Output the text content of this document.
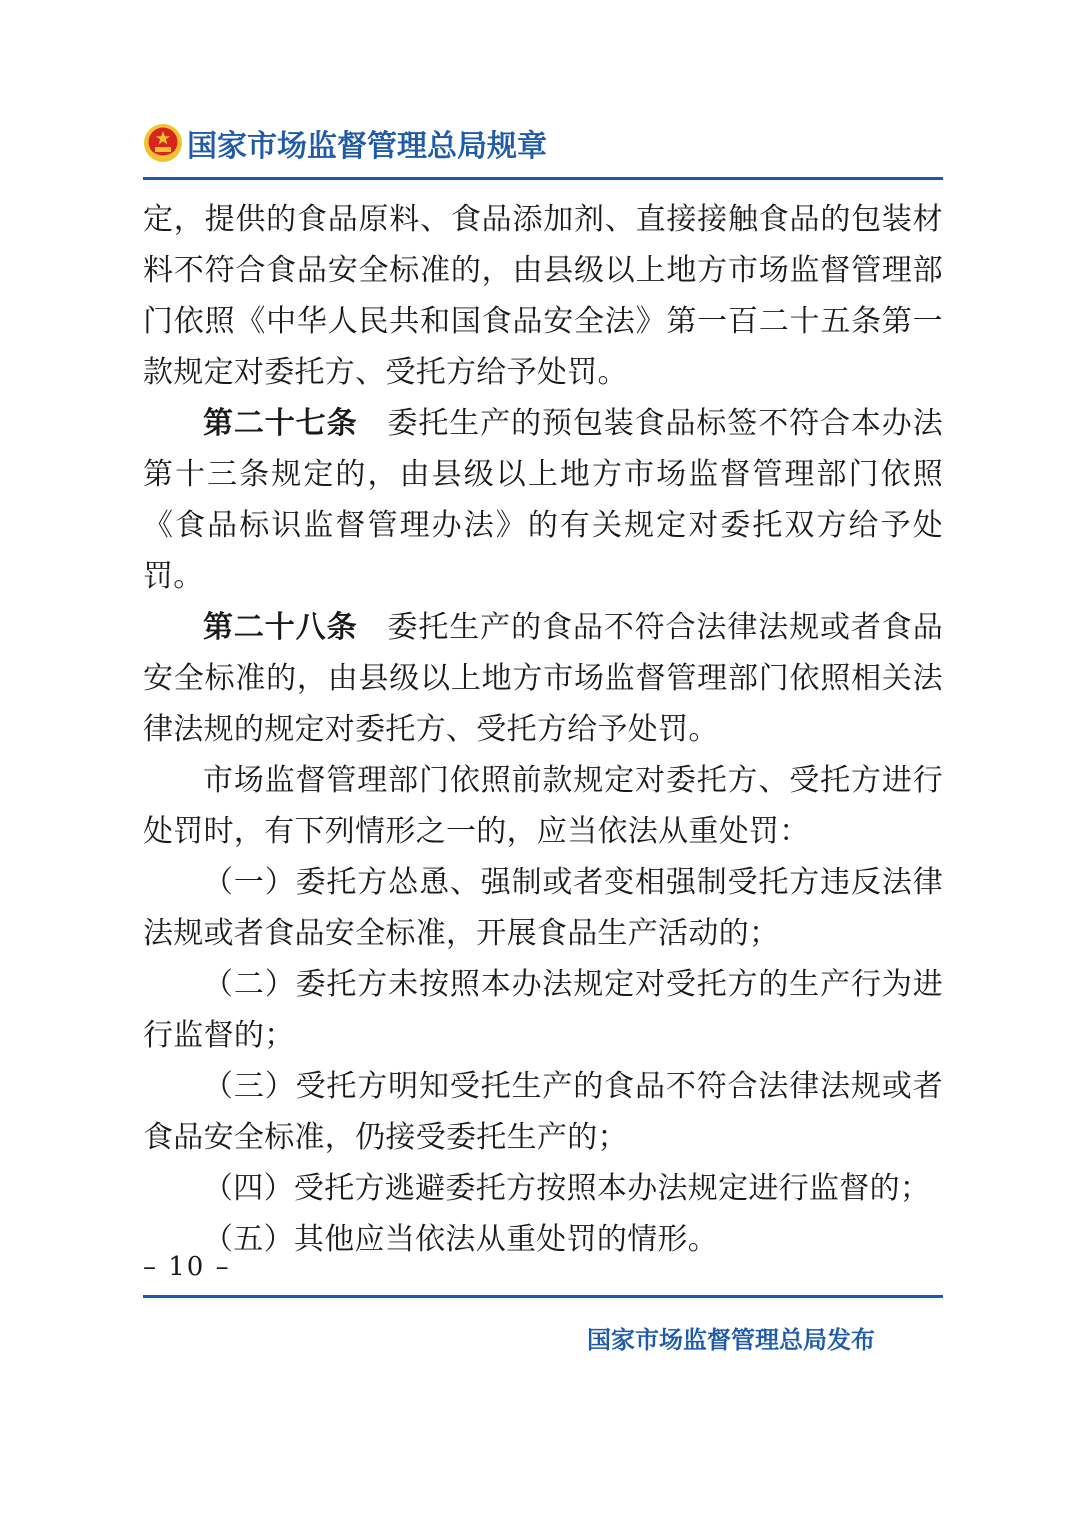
国家市场监督管理总局规章

定，提供的食品原料、食品添加剂、直接接触食品的包装材料不符合食品安全标准的，由县级以上地方市场监督管理部门依照《中华人民共和国食品安全法》第一百二十五条第一款规定对委托方、受托方给予处罚。

第二十七条 委托生产的预包装食品标签不符合本办法第十三条规定的，由县级以上地方市场监督管理部门依照《食品标识监督管理办法》的有关规定对委托双方给予处罚。

第二十八条 委托生产的食品不符合法律法规或者食品安全标准的，由县级以上地方市场监督管理部门依照相关法律法规的规定对委托方、受托方给予处罚。

市场监督管理部门依照前款规定对委托方、受托方进行处罚时，有下列情形之一的，应当依法从重处罚：

（一）委托方怂恿、强制或者变相强制受托方违反法律法规或者食品安全标准，开展食品生产活动的；

（二）委托方未按照本办法规定对受托方的生产行为进行监督的；

（三）受托方明知受托生产的食品不符合法律法规或者食品安全标准，仍接受委托生产的；

（四）受托方逃避委托方按照本办法规定进行监督的；

（五）其他应当依法从重处罚的情形。

– 10 –
国家市场监督管理总局发布
